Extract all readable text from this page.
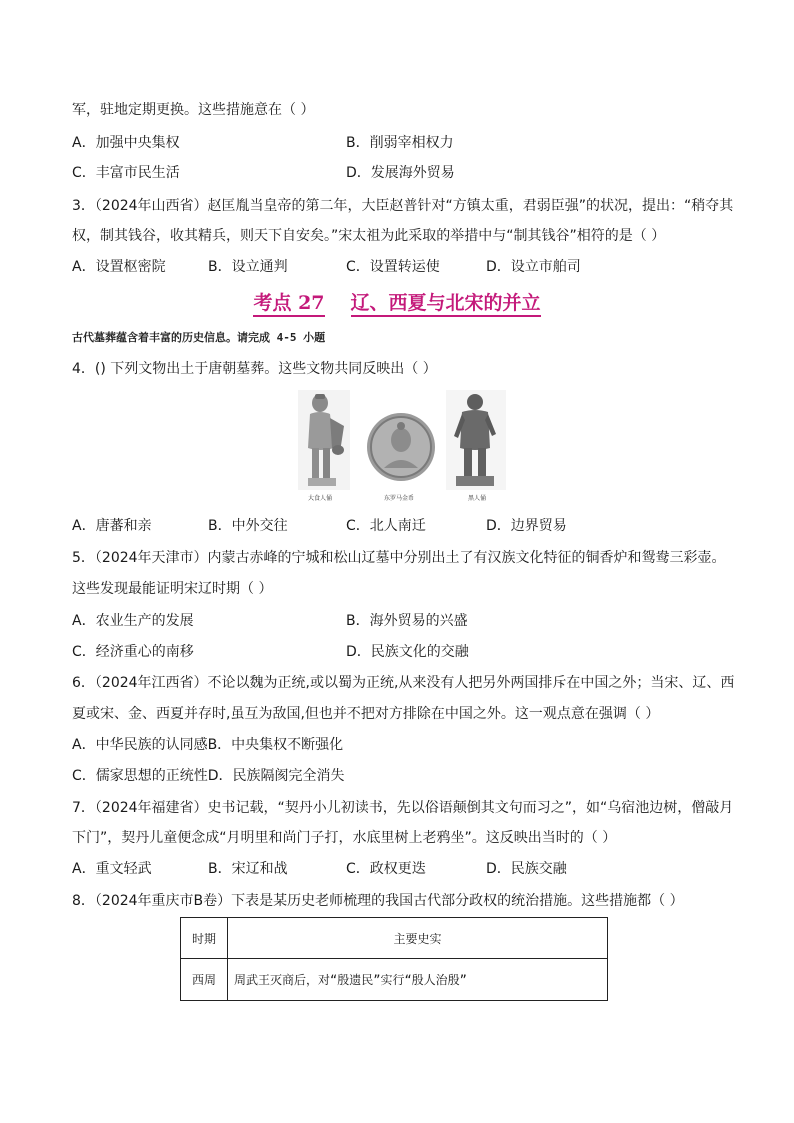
军，驻地定期更换。这些措施意在（ ）
A．加强中央集权	B．削弱宰相权力
C．丰富市民生活	D．发展海外贸易
3．（2024年山西省）赵匡胤当皇帝的第二年，大臣赵普针对“方镇太重，君弱臣强”的状况，提出：“稍夺其
权，制其钱谷，收其精兵，则天下自安矣。”宋太祖为此采取的举措中与“制其钱谷”相符的是（ ）
A．设置枢密院	B．设立通判	C．设置转运使	D．设立市舶司
考点 27 辽、西夏与北宋的并立
古代墓葬蕴含着丰富的历史信息。请完成 4-5 小题
4．() 下列文物出土于唐朝墓葬。这些文物共同反映出（ ）
大食人俑	东罗马金币	黑人俑
A．唐蕃和亲	B．中外交往	C．北人南迁	D．边界贸易
5．（2024年天津市）内蒙古赤峰的宁城和松山辽墓中分别出土了有汉族文化特征的铜香炉和鸳鸯三彩壶。
这些发现最能证明宋辽时期（ ）
A．农业生产的发展	B．海外贸易的兴盛
C．经济重心的南移	D．民族文化的交融
6．（2024年江西省）不论以魏为正统,或以蜀为正统,从来没有人把另外两国排斥在中国之外；当宋、辽、西
夏或宋、金、西夏并存时,虽互为敌国,但也并不把对方排除在中国之外。这一观点意在强调（ ）
A．中华民族的认同感B．中央集权不断强化
C．儒家思想的正统性D．民族隔阂完全消失
7．（2024年福建省）史书记载，“契丹小儿初读书，先以俗语颠倒其文句而习之”，如“乌宿池边树，僧敲月
下门”，契丹儿童便念成“月明里和尚门子打，水底里树上老鸦坐”。这反映出当时的（ ）
A．重文轻武	B．宋辽和战	C．政权更迭	D．民族交融
8．（2024年重庆市B卷）下表是某历史老师梳理的我国古代部分政权的统治措施。这些措施都（ ）
时期	主要史实
西周	周武王灭商后，对“殷遗民”实行“殷人治殷”
